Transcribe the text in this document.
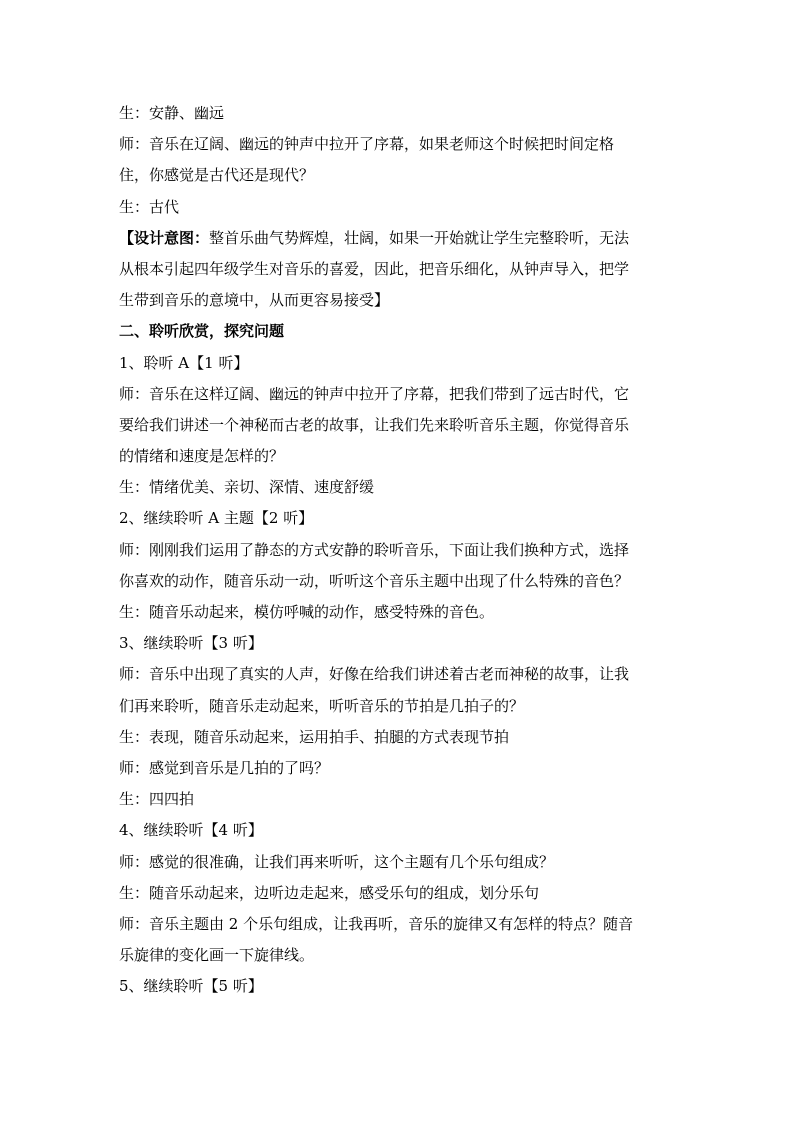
生：安静、幽远
师：音乐在辽阔、幽远的钟声中拉开了序幕，如果老师这个时候把时间定格
住，你感觉是古代还是现代？
生：古代
【设计意图：整首乐曲气势辉煌，壮阔，如果一开始就让学生完整聆听，无法
从根本引起四年级学生对音乐的喜爱，因此，把音乐细化，从钟声导入，把学
生带到音乐的意境中，从而更容易接受】
二、聆听欣赏，探究问题
1、聆听 A【1 听】
师：音乐在这样辽阔、幽远的钟声中拉开了序幕，把我们带到了远古时代，它
要给我们讲述一个神秘而古老的故事，让我们先来聆听音乐主题，你觉得音乐
的情绪和速度是怎样的？
生：情绪优美、亲切、深情、速度舒缓
2、继续聆听 A 主题【2 听】
师：刚刚我们运用了静态的方式安静的聆听音乐，下面让我们换种方式，选择
你喜欢的动作，随音乐动一动，听听这个音乐主题中出现了什么特殊的音色？
生：随音乐动起来，模仿呼喊的动作，感受特殊的音色。
3、继续聆听【3 听】
师：音乐中出现了真实的人声，好像在给我们讲述着古老而神秘的故事，让我
们再来聆听，随音乐走动起来，听听音乐的节拍是几拍子的？
生：表现，随音乐动起来，运用拍手、拍腿的方式表现节拍
师：感觉到音乐是几拍的了吗？
生：四四拍
4、继续聆听【4 听】
师：感觉的很准确，让我们再来听听，这个主题有几个乐句组成？
生：随音乐动起来，边听边走起来，感受乐句的组成，划分乐句
师：音乐主题由 2 个乐句组成，让我再听，音乐的旋律又有怎样的特点？随音
乐旋律的变化画一下旋律线。
5、继续聆听【5 听】
